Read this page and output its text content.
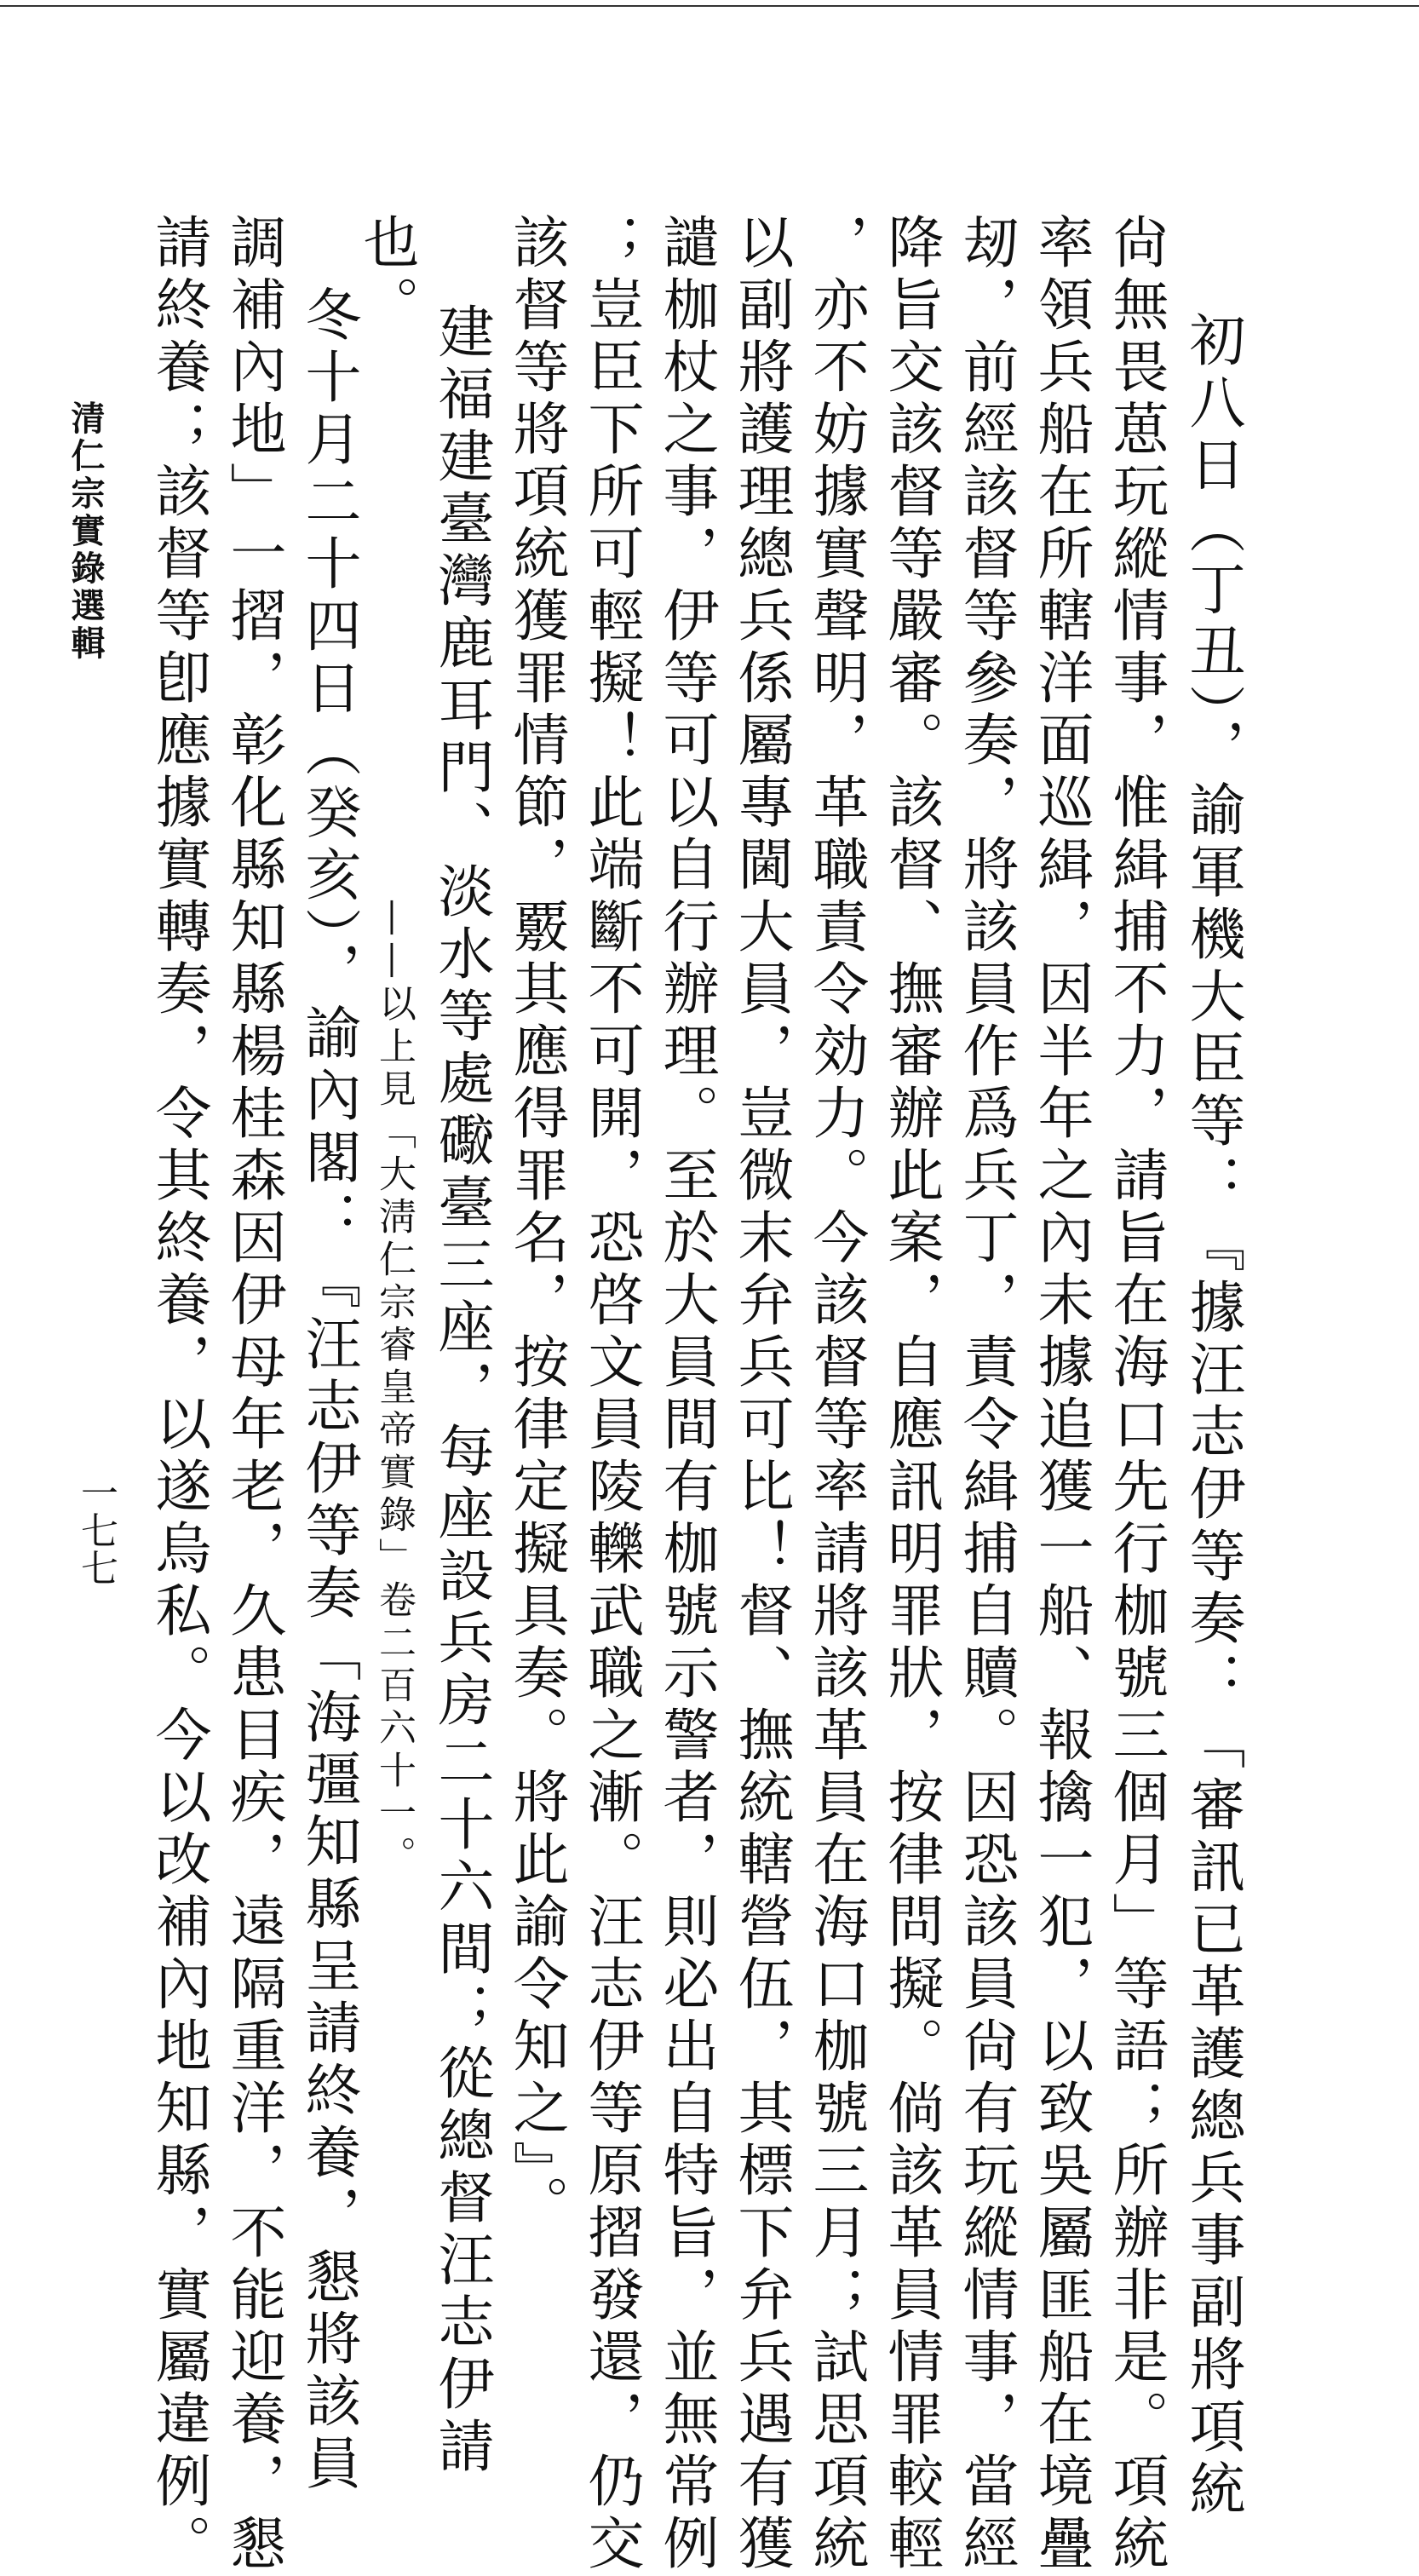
初八日（丁丑），諭軍機大臣等：『據汪志伊等奏：「審訊已革護總兵事副將項統
尙無畏葸玩縱情事，惟緝捕不力，請旨在海口先行枷號三個月」等語；所辦非是。項統
率領兵船在所轄洋面巡緝，因半年之內未據追獲一船、報擒一犯，以致吳屬匪船在境疊
刼，前經該督等參奏，將該員作爲兵丁，責令緝捕自贖。因恐該員尙有玩縱情事，當經
降旨交該督等嚴審。該督、撫審辦此案，自應訊明罪狀，按律問擬。倘該革員情罪較輕
，亦不妨據實聲明，革職責令効力。今該督等率請將該革員在海口枷號三月；試思項統
以副將護理總兵係屬專閫大員，豈微末弁兵可比！督、撫統轄營伍，其標下弁兵遇有獲
譴枷杖之事，伊等可以自行辦理。至於大員間有枷號示警者，則必出自特旨，並無常例
；豈臣下所可輕擬！此端斷不可開，恐啓文員陵轢武職之漸。汪志伊等原摺發還，仍交
該督等將項統獲罪情節，覈其應得罪名，按律定擬具奏。將此諭令知之』。
建福建臺灣鹿耳門、淡水等處礮臺三座，每座設兵房二十六間；從總督汪志伊請
也。
——以上見「大淸仁宗睿皇帝實錄」卷二百六十一。
冬十月二十四日（癸亥），諭內閣：『汪志伊等奏「海彊知縣呈請終養，懇將該員
調補內地」一摺，彰化縣知縣楊桂森因伊母年老，久患目疾，遠隔重洋，不能迎養，懇
請終養；該督等卽應據實轉奏，令其終養，以遂烏私。今以改補內地知縣，實屬違例。
清仁宗實錄選輯
一七七
